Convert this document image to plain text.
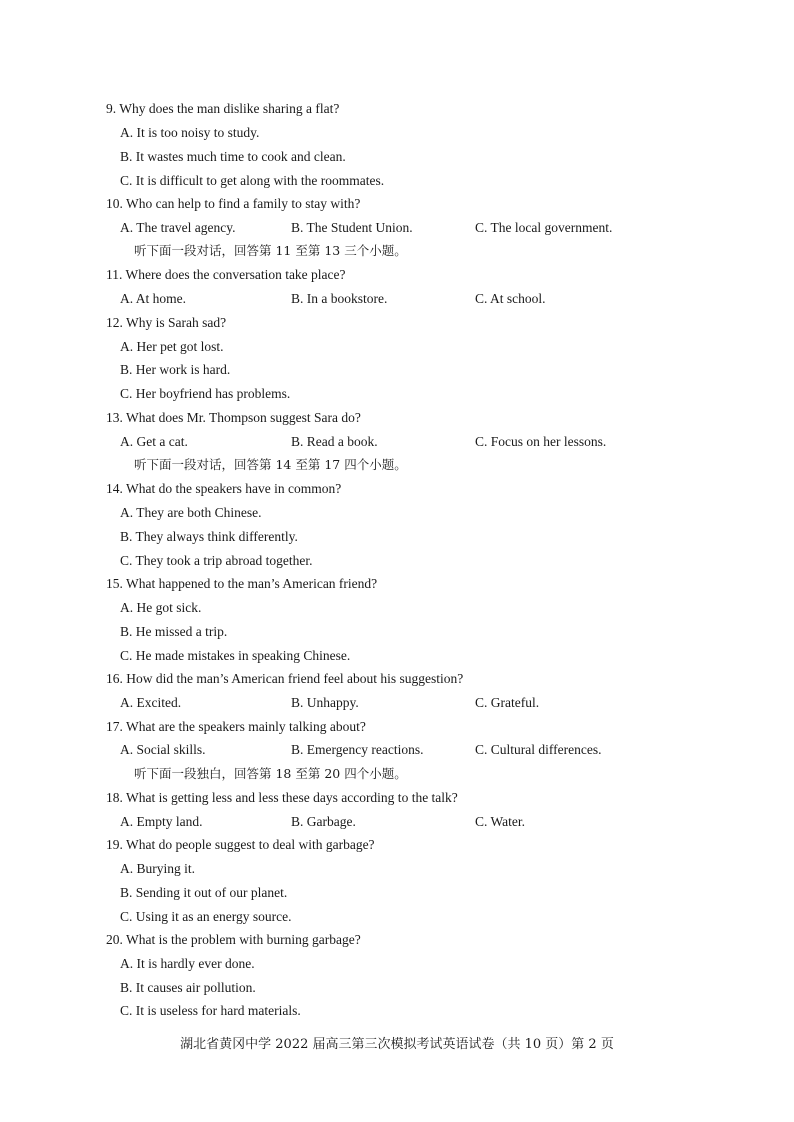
9. Why does the man dislike sharing a flat?
A. It is too noisy to study.
B. It wastes much time to cook and clean.
C. It is difficult to get along with the roommates.
10. Who can help to find a family to stay with?
A. The travel agency.	B. The Student Union.	C. The local government.
听下面一段对话，回答第 11 至第 13 三个小题。
11. Where does the conversation take place?
A. At home.	B. In a bookstore.	C. At school.
12. Why is Sarah sad?
A. Her pet got lost.
B. Her work is hard.
C. Her boyfriend has problems.
13. What does Mr. Thompson suggest Sara do?
A. Get a cat.	B. Read a book.	C. Focus on her lessons.
听下面一段对话，回答第 14 至第 17 四个小题。
14. What do the speakers have in common?
A. They are both Chinese.
B. They always think differently.
C. They took a trip abroad together.
15. What happened to the man’s American friend?
A. He got sick.
B. He missed a trip.
C. He made mistakes in speaking Chinese.
16. How did the man’s American friend feel about his suggestion?
A. Excited.	B. Unhappy.	C. Grateful.
17. What are the speakers mainly talking about?
A. Social skills.	B. Emergency reactions.	C. Cultural differences.
听下面一段独白，回答第 18 至第 20 四个小题。
18. What is getting less and less these days according to the talk?
A. Empty land.	B. Garbage.	C. Water.
19. What do people suggest to deal with garbage?
A. Burying it.
B. Sending it out of our planet.
C. Using it as an energy source.
20. What is the problem with burning garbage?
A. It is hardly ever done.
B. It causes air pollution.
C. It is useless for hard materials.
湖北省黄冈中学 2022 届高三第三次模拟考试英语试卷（共 10 页）第 2 页
